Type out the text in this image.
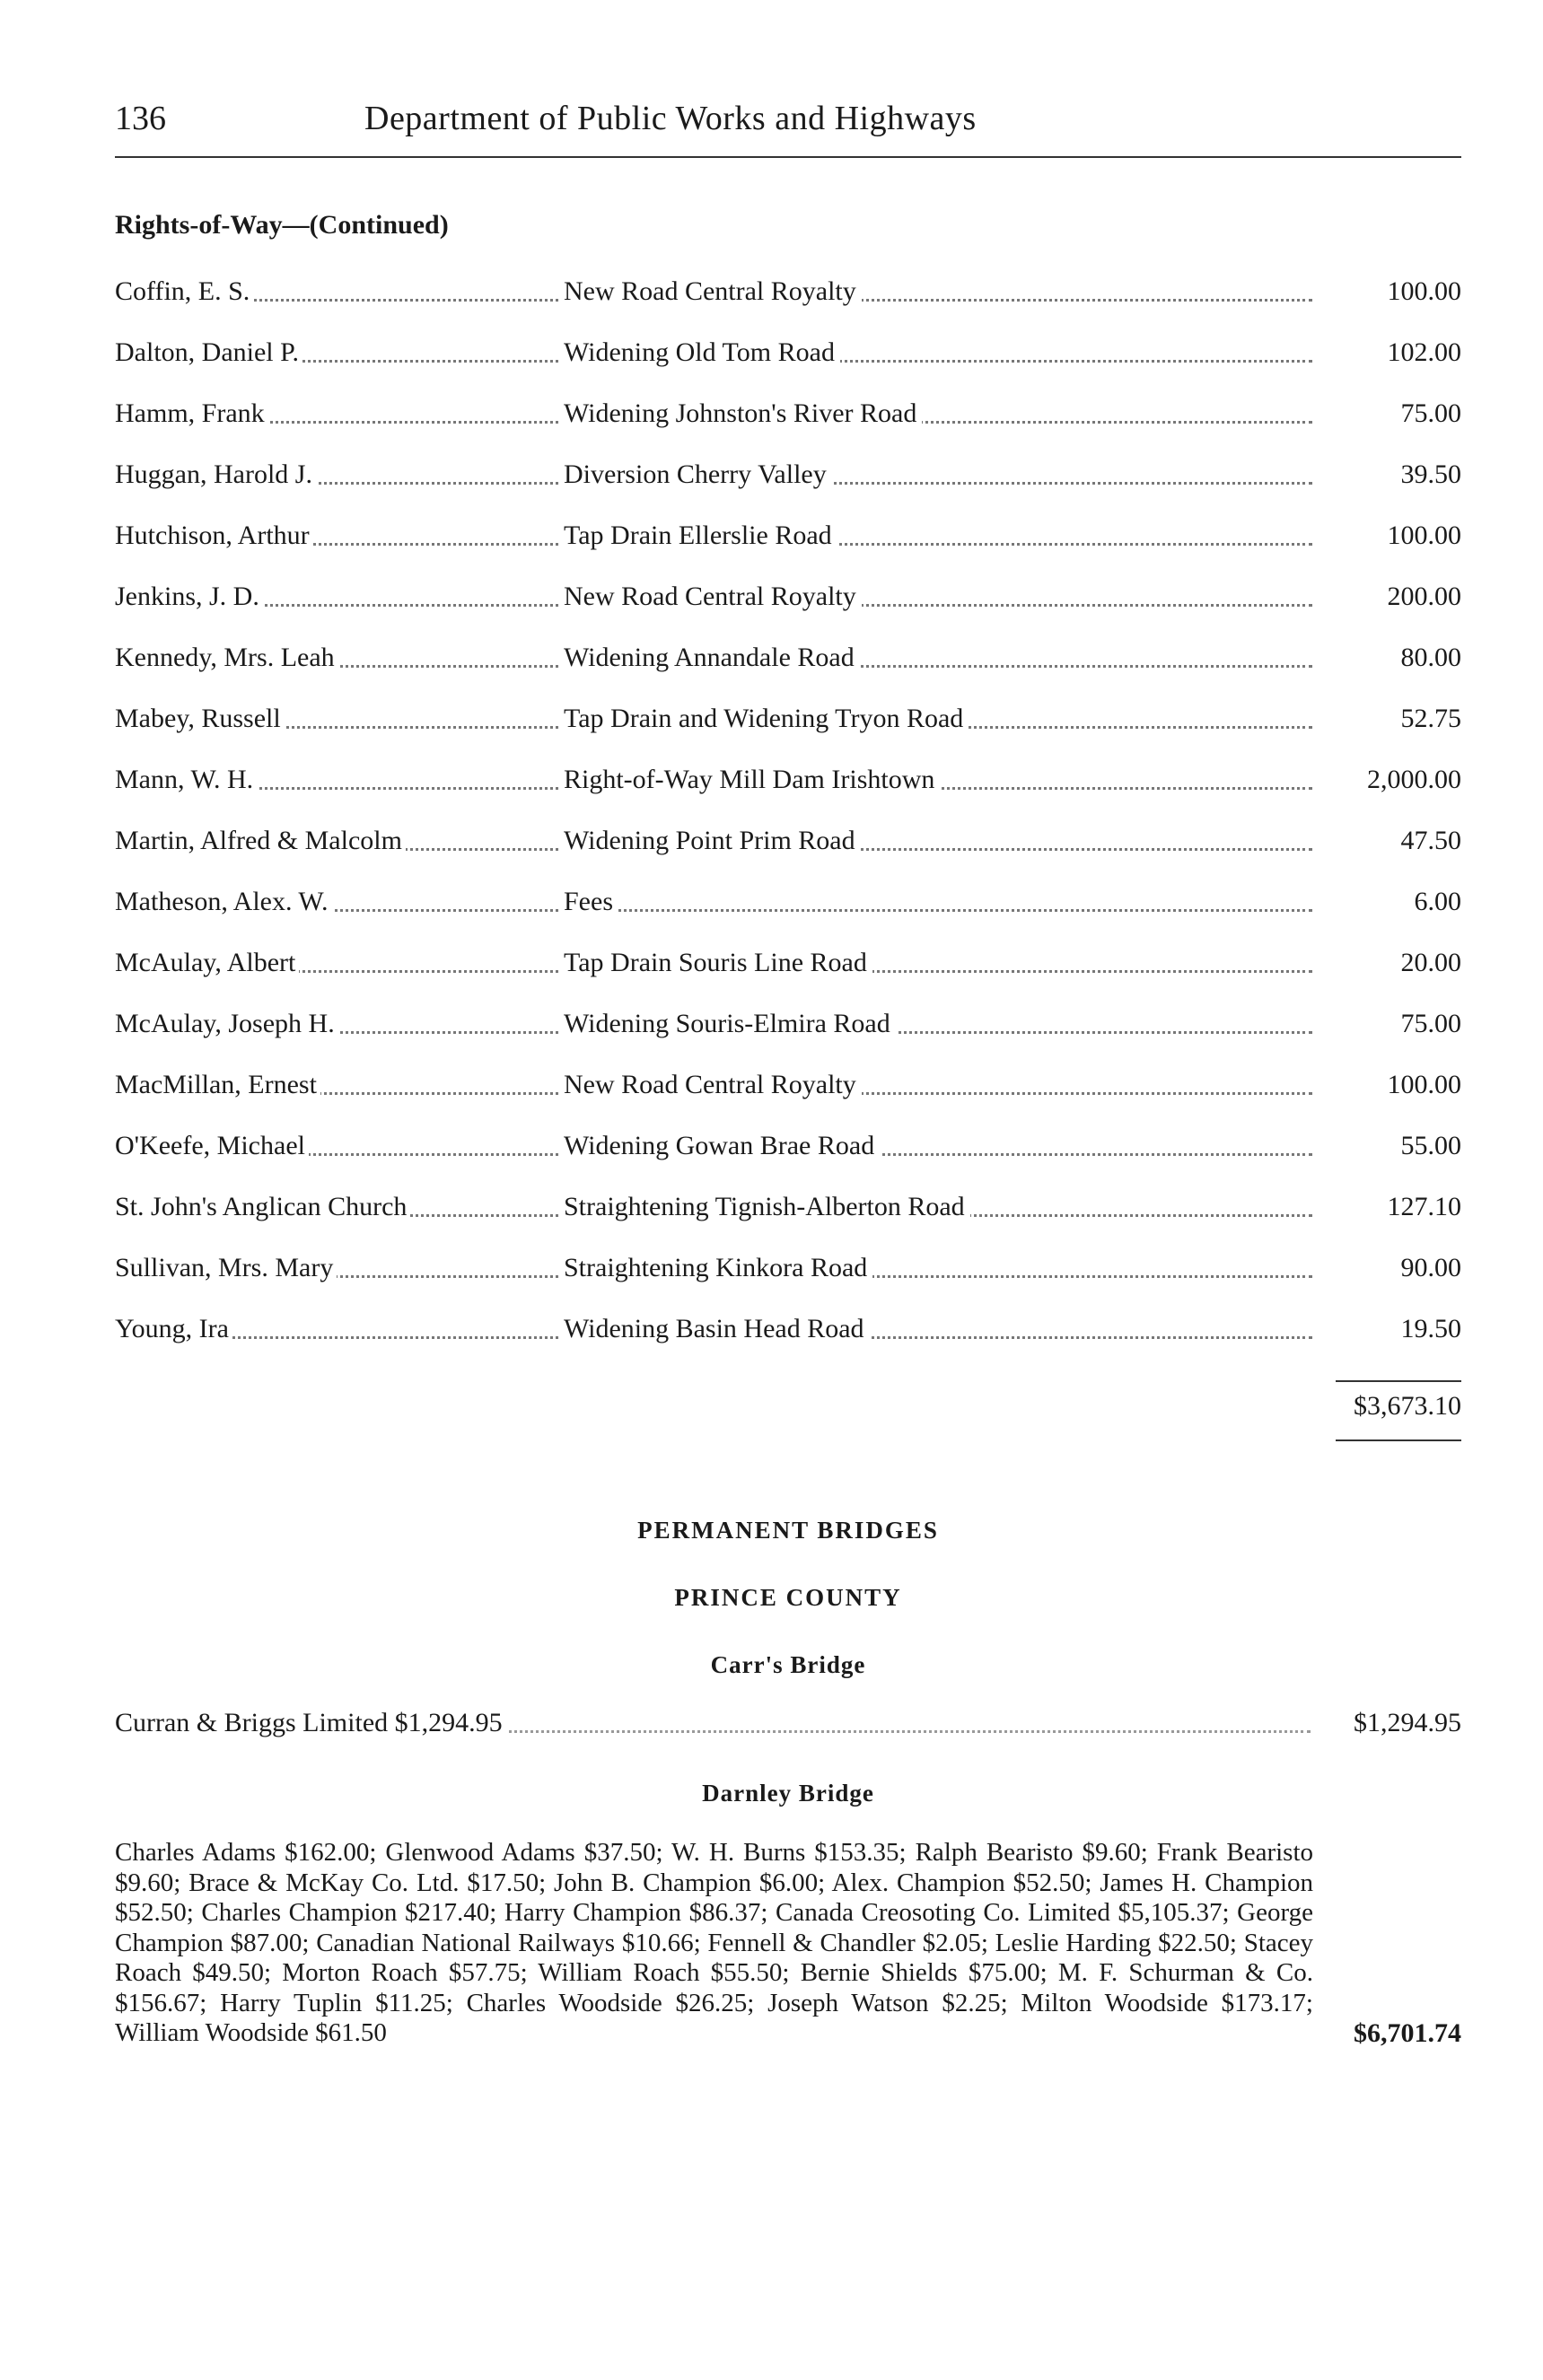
136	Department of Public Works and Highways
Rights-of-Way—(Continued)
Coffin, E. S.	New Road Central Royalty	100.00
Dalton, Daniel P.	Widening Old Tom Road	102.00
Hamm, Frank	Widening Johnston's River Road	75.00
Huggan, Harold J.	Diversion Cherry Valley	39.50
Hutchison, Arthur	Tap Drain Ellerslie Road	100.00
Jenkins, J. D.	New Road Central Royalty	200.00
Kennedy, Mrs. Leah	Widening Annandale Road	80.00
Mabey, Russell	Tap Drain and Widening Tryon Road	52.75
Mann, W. H.	Right-of-Way Mill Dam Irishtown	2,000.00
Martin, Alfred & Malcolm	Widening Point Prim Road	47.50
Matheson, Alex. W.	Fees	6.00
McAulay, Albert	Tap Drain Souris Line Road	20.00
McAulay, Joseph H.	Widening Souris-Elmira Road	75.00
MacMillan, Ernest	New Road Central Royalty	100.00
O'Keefe, Michael	Widening Gowan Brae Road	55.00
St. John's Anglican Church	Straightening Tignish-Alberton Road	127.10
Sullivan, Mrs. Mary	Straightening Kinkora Road	90.00
Young, Ira	Widening Basin Head Road	19.50
$3,673.10
PERMANENT BRIDGES
PRINCE COUNTY
Carr's Bridge
Curran & Briggs Limited $1,294.95	$1,294.95
Darnley Bridge
Charles Adams $162.00; Glenwood Adams $37.50; W. H. Burns $153.35; Ralph Bearisto $9.60; Frank Bearisto $9.60; Brace & McKay Co. Ltd. $17.50; John B. Champion $6.00; Alex. Champion $52.50; James H. Champion $52.50; Charles Champion $217.40; Harry Champion $86.37; Canada Creosoting Co. Limited $5,105.37; George Champion $87.00; Canadian National Railways $10.66; Fennell & Chandler $2.05; Leslie Harding $22.50; Stacey Roach $49.50; Morton Roach $57.75; William Roach $55.50; Bernie Shields $75.00; M. F. Schurman & Co. $156.67; Harry Tuplin $11.25; Charles Woodside $26.25; Joseph Watson $2.25; Milton Woodside $173.17; William Woodside $61.50	$6,701.74
